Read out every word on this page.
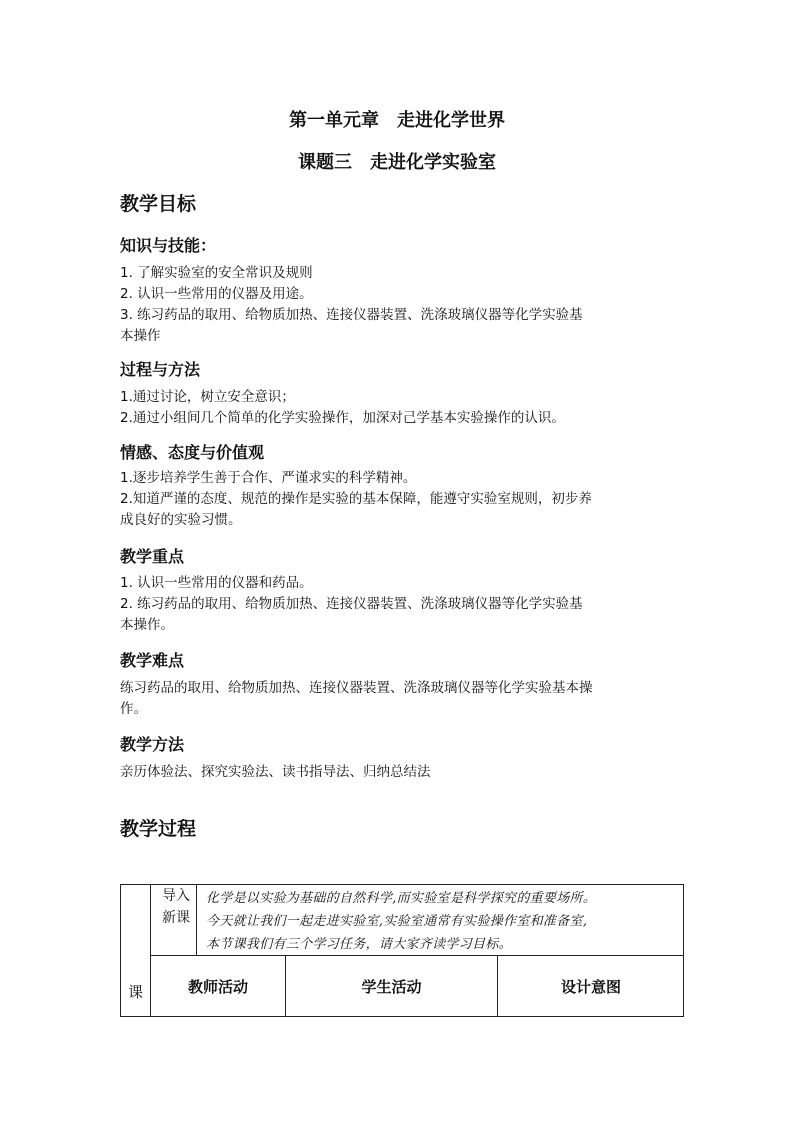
第一单元章　走进化学世界
课题三　走进化学实验室
教学目标
知识与技能：
1. 了解实验室的安全常识及规则
2. 认识一些常用的仪器及用途。
3. 练习药品的取用、给物质加热、连接仪器装置、洗涤玻璃仪器等化学实验基
本操作
过程与方法
1.通过讨论，树立安全意识；
2.通过小组间几个简单的化学实验操作，加深对己学基本实验操作的认识。
情感、态度与价值观
1.逐步培养学生善于合作、严谨求实的科学精神。
2.知道严谨的态度、规范的操作是实验的基本保障，能遵守实验室规则，初步养
成良好的实验习惯。
教学重点
1. 认识一些常用的仪器和药品。
2. 练习药品的取用、给物质加热、连接仪器装置、洗涤玻璃仪器等化学实验基
本操作。
教学难点
练习药品的取用、给物质加热、连接仪器装置、洗涤玻璃仪器等化学实验基本操
作。
教学方法
亲历体验法、探究实验法、读书指导法、归纳总结法
教学过程
课
导入
新课
化学是以实验为基础的自然科学,而实验室是科学探究的重要场所。
今天就让我们一起走进实验室,实验室通常有实验操作室和准备室,
本节课我们有三个学习任务，请大家齐读学习目标。
教师活动	学生活动	设计意图
